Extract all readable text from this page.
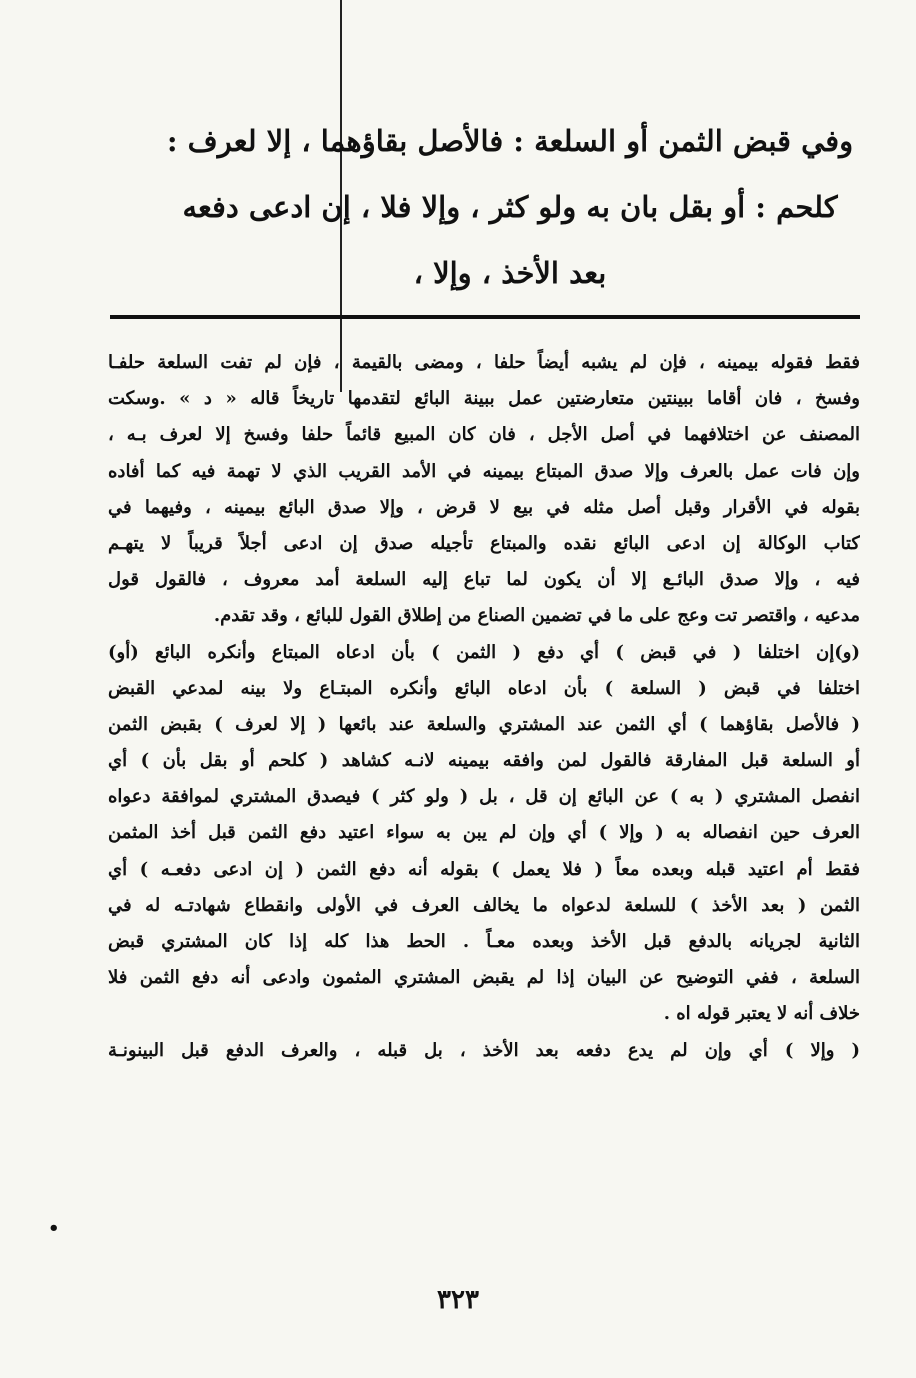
وفي قبض الثمن أو السلعة : فالأصل بقاؤهما ، إلا لعرف :
كلحم : أو بقل بان به ولو كثر ، وإلا فلا ، إن ادعى دفعه
بعد الأخذ ، وإلا ،
فقط فقوله بيمينه ، فإن لم يشبه أيضاً حلفا ، ومضى بالقيمة ، فإن لم تفت السلعة حلفـا
وفسخ ، فان أقاما ببينتين متعارضتين عمل ببينة البائع لتقدمها تاريخاً قاله « د » .وسكت
المصنف عن اختلافهما في أصل الأجل ، فان كان المبيع قائماً حلفا وفسخ إلا لعرف بـه ،
وإن فات عمل بالعرف وإلا صدق المبتاع بيمينه في الأمد القريب الذي لا تهمة فيه كما أفاده
بقوله في الأقرار وقبل أصل مثله في بيع لا قرض ، وإلا صدق البائع بيمينه ، وفيهما في
كتاب الوكالة إن ادعى البائع نقده والمبتاع تأجيله صدق إن ادعى أجلاً قريباً لا يتهـم
فيه ، وإلا صدق البائـع إلا أن يكون لما تباع إليه السلعة أمد معروف ، فالقول قول
مدعيه ، واقتصر تت وعج على ما في تضمين الصناع من إطلاق القول للبائع ، وقد تقدم.
(و)إن اختلفا ( في قبض ) أي دفع ( الثمن ) بأن ادعاه المبتاع وأنكره البائع (أو)
اختلفا في قبض ( السلعة ) بأن ادعاه البائع وأنكره المبتـاع ولا بينه لمدعي القبض
( فالأصل بقاؤهما ) أي الثمن عند المشتري والسلعة عند بائعها ( إلا لعرف ) بقبض الثمن
أو السلعة قبل المفارقة فالقول لمن وافقه بيمينه لانـه كشاهد ( كلحم أو بقل بأن ) أي
انفصل المشتري ( به ) عن البائع إن قل ، بل ( ولو كثر ) فيصدق المشتري لموافقة دعواه
العرف حين انفصاله به ( وإلا ) أي وإن لم يبن به سواء اعتيد دفع الثمن قبل أخذ المثمن
فقط أم اعتيد قبله وبعده معاً ( فلا يعمل ) بقوله أنه دفع الثمن ( إن ادعى دفعـه ) أي
الثمن ( بعد الأخذ ) للسلعة لدعواه ما يخالف العرف في الأولى وانقطاع شهادتـه له في
الثانية لجريانه بالدفع قبل الأخذ وبعده معـاً . الحط هذا كله إذا كان المشتري قبض
السلعة ، ففي التوضيح عن البيان إذا لم يقبض المشتري المثمون وادعى أنه دفع الثمن فلا
خلاف أنه لا يعتبر قوله اه .
( وإلا ) أي وإن لم يدع دفعه بعد الأخذ ، بل قبله ، والعرف الدفع قبل البينونـة
•
٣٢٣
